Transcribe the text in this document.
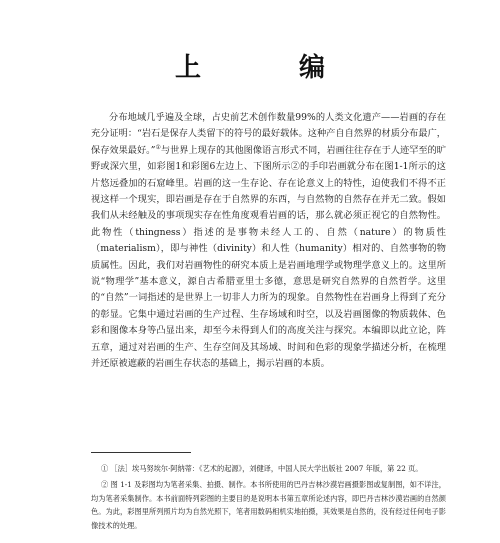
上　编

分布地域几乎遍及全球，占史前艺术创作数量99%的人类文化遗产——岩画的存在充分证明：“岩石是保存人类留下的符号的最好载体。这种产自自然界的材质分布最广，保存效果最好。”①与世界上现存的其他图像语言形式不同，岩画往往存在于人迹罕至的旷野或深穴里，如彩图1和彩图6左边上、下图所示②的手印岩画就分布在图1-1所示的这片悠远叠加的石窟峰里。岩画的这一生存论、存在论意义上的特性，迫使我们不得不正视这样一个现实，即岩画是存在于自然界的东西，与自然物的自然存在并无二致。假如我们从未经触及的事项现实存在性角度观看岩画的话，那么就必须正视它的自然物性。此物性（thingness）指述的是事物未经人工的、自然（nature）的物质性（materialism），即与神性（divinity）和人性（humanity）相对的、自然事物的物质属性。因此，我们对岩画物性的研究本质上是岩画地理学或物理学意义上的。这里所说“物理学”基本意义，源自古希腊亚里士多德，意思是研究自然界的自然哲学。这里的“自然”一词指述的是世界上一切非人力所为的现象。自然物性在岩画身上得到了充分的彰显。它集中通过岩画的生产过程、生存场域和时空，以及岩画图像的物质载体、色彩和图像本身等凸显出来，却至今未得到人们的高度关注与探究。本编即以此立论，阵五章，通过对岩画的生产、生存空间及其场域、时间和色彩的现象学描述分析，在梳理并还原被遮蔽的岩画生存状态的基础上，揭示岩画的本质。

① ［法］埃马努埃尔·阿纳蒂：《艺术的起源》，刘健译，中国人民大学出版社 2007 年版，第 22 页。

② 图 1-1 及彩图均为笔者采集、拍摄、制作。本书所使用的巴丹吉林沙漠岩画摄影图或复制图，如不详注，均为笔者采集制作。本书前面特列彩图的主要目的是说明本书第五章所论述内容，即巴丹吉林沙漠岩画的自然颜色。为此，彩图里所列照片均为自然光照下，笔者用数码相机实地拍摄，其效果是自然的，没有经过任何电子影像技术的处理。
